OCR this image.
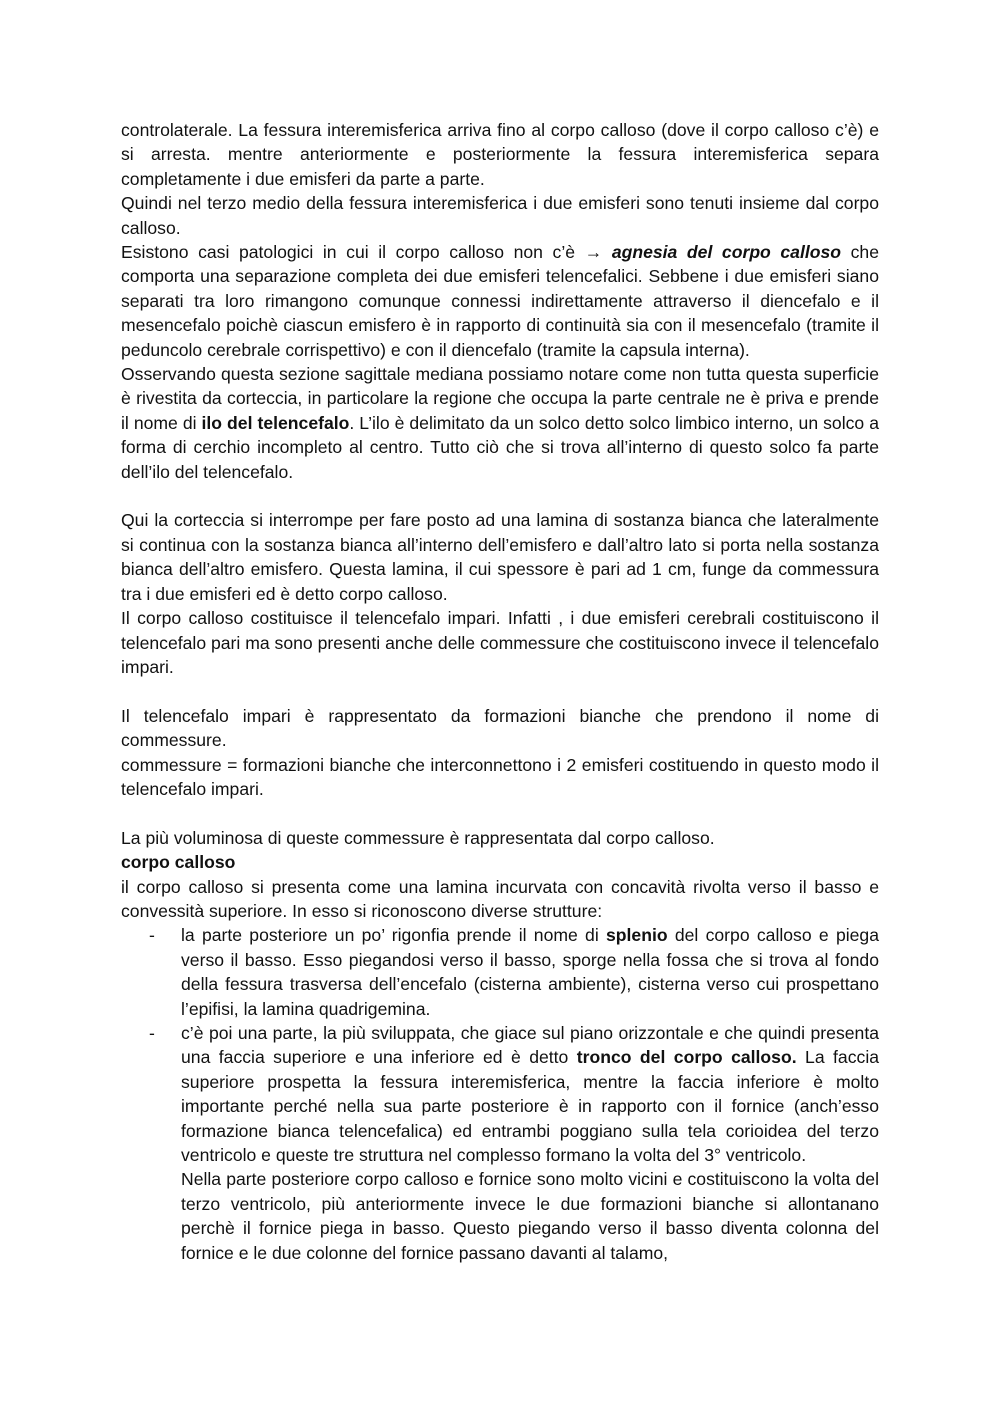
controlaterale. La fessura interemisferica arriva fino al corpo calloso (dove il corpo calloso c’è) e si arresta. mentre anteriormente e posteriormente la fessura interemisferica separa completamente i due emisferi da parte a parte.

Quindi nel terzo medio della fessura interemisferica i due emisferi sono tenuti insieme dal corpo calloso.

Esistono casi patologici in cui il corpo calloso non c’è → agnesia del corpo calloso che comporta una separazione completa dei due emisferi telencefalici. Sebbene i due emisferi siano separati tra loro rimangono comunque connessi indirettamente attraverso il diencefalo e il mesencefalo poichè ciascun emisfero è in rapporto di continuità sia con il mesencefalo (tramite il peduncolo cerebrale corrispettivo) e con il diencefalo (tramite la capsula interna).

Osservando questa sezione sagittale mediana possiamo notare come non tutta questa superficie è rivestita da corteccia, in particolare la regione che occupa la parte centrale ne è priva e prende il nome di ilo del telencefalo. L’ilo è delimitato da un solco detto solco limbico interno, un solco a forma di cerchio incompleto al centro. Tutto ciò che si trova all’interno di questo solco fa parte dell’ilo del telencefalo.

Qui la corteccia si interrompe per fare posto ad una lamina di sostanza bianca che lateralmente si continua con la sostanza bianca all’interno dell’emisfero e dall’altro lato si porta nella sostanza bianca dell’altro emisfero. Questa lamina, il cui spessore è pari ad 1 cm, funge da commessura tra i due emisferi ed è detto corpo calloso.

Il corpo calloso costituisce il telencefalo impari. Infatti , i due emisferi cerebrali costituiscono il telencefalo pari ma sono presenti anche delle commessure che costituiscono invece il telencefalo impari.

Il telencefalo impari è rappresentato da formazioni bianche che prendono il nome di commessure.

commessure = formazioni bianche che interconnettono i 2 emisferi costituendo in questo modo il telencefalo impari.

La più voluminosa di queste commessure è rappresentata dal corpo calloso.

corpo calloso

il corpo calloso si presenta come una lamina incurvata con concavità rivolta verso il basso e convessità superiore. In esso si riconoscono diverse strutture:

- la parte posteriore un po’ rigonfia prende il nome di splenio del corpo calloso e piega verso il basso. Esso piegandosi verso il basso, sporge nella fossa che si trova al fondo della fessura trasversa dell’encefalo (cisterna ambiente), cisterna verso cui prospettano l’epifisi, la lamina quadrigemina.

- c’è poi una parte, la più sviluppata, che giace sul piano orizzontale e che quindi presenta una faccia superiore e una inferiore ed è detto tronco del corpo calloso. La faccia superiore prospetta la fessura interemisferica, mentre la faccia inferiore è molto importante perché nella sua parte posteriore è in rapporto con il fornice (anch’esso formazione bianca telencefalica) ed entrambi poggiano sulla tela corioidea del terzo ventricolo e queste tre struttura nel complesso formano la volta del 3° ventricolo.

Nella parte posteriore corpo calloso e fornice sono molto vicini e costituiscono la volta del terzo ventricolo, più anteriormente invece le due formazioni bianche si allontanano perchè il fornice piega in basso. Questo piegando verso il basso diventa colonna del fornice e le due colonne del fornice passano davanti al talamo,
